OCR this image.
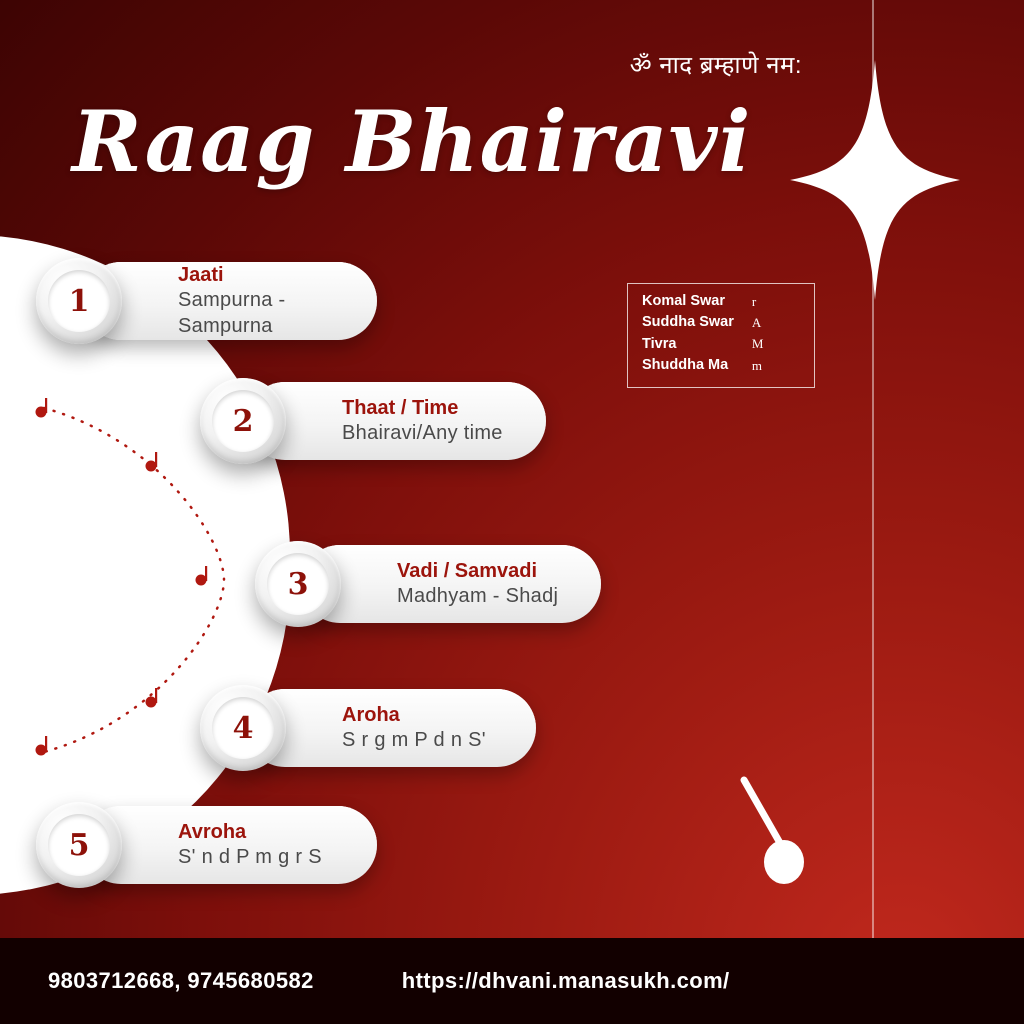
ॐ नाद ब्रम्हाणे नम:
Raag Bhairavi
Jaati
Sampurna - Sampurna
1
Thaat / Time
Bhairavi/Any time
2
Vadi / Samvadi
Madhyam - Shadj
3
Aroha
S r g m P d n S'
4
Avroha
S' n d P m g r S
5
Komal Swar
Suddha Swar
Tivra
Shuddha Ma
r
A
M
m
9803712668, 9745680582	https://dhvani.manasukh.com/
